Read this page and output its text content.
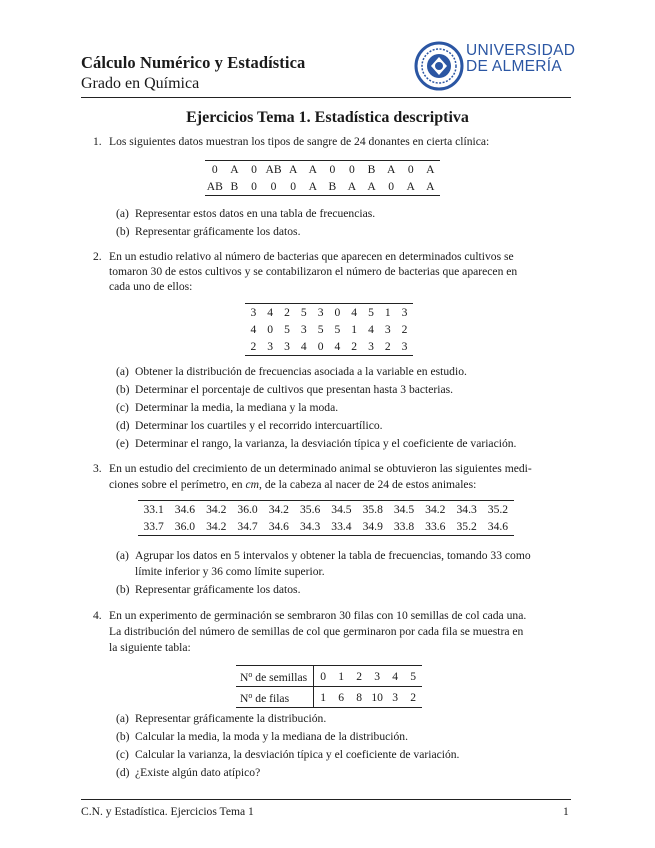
Cálculo Numérico y Estadística
Grado en Química
UNIVERSIDAD
DE ALMERÍA
Ejercicios Tema 1. Estadística descriptiva
1. Los siguientes datos muestran los tipos de sangre de 24 donantes en cierta clínica:
0	A	0	AB	A	A	0	0	B	A	0	A
AB	B	0	0	0	A	B	A	A	0	A	A
(a) Representar estos datos en una tabla de frecuencias.
(b) Representar gráficamente los datos.
2. En un estudio relativo al número de bacterias que aparecen en determinados cultivos se
tomaron 30 de estos cultivos y se contabilizaron el número de bacterias que aparecen en
cada uno de ellos:
3	4	2	5	3	0	4	5	1	3
4	0	5	3	5	5	1	4	3	2
2	3	3	4	0	4	2	3	2	3
(a) Obtener la distribución de frecuencias asociada a la variable en estudio.
(b) Determinar el porcentaje de cultivos que presentan hasta 3 bacterias.
(c) Determinar la media, la mediana y la moda.
(d) Determinar los cuartiles y el recorrido intercuartílico.
(e) Determinar el rango, la varianza, la desviación típica y el coeficiente de variación.
3. En un estudio del crecimiento de un determinado animal se obtuvieron las siguientes medi-
ciones sobre el perímetro, en cm, de la cabeza al nacer de 24 de estos animales:
33.1	34.6	34.2	36.0	34.2	35.6	34.5	35.8	34.5	34.2	34.3	35.2
33.7	36.0	34.2	34.7	34.6	34.3	33.4	34.9	33.8	33.6	35.2	34.6
(a) Agrupar los datos en 5 intervalos y obtener la tabla de frecuencias, tomando 33 como
límite inferior y 36 como límite superior.
(b) Representar gráficamente los datos.
4. En un experimento de germinación se sembraron 30 filas con 10 semillas de col cada una.
La distribución del número de semillas de col que germinaron por cada fila se muestra en
la siguiente tabla:
$N^o$ de semillas	0	1	2	3	4	5
$N^o$ de filas	1	6	8	10	3	2
(a) Representar gráficamente la distribución.
(b) Calcular la media, la moda y la mediana de la distribución.
(c) Calcular la varianza, la desviación típica y el coeficiente de variación.
(d) ¿Existe algún dato atípico?
C.N. y Estadística. Ejercicios Tema 1	1
